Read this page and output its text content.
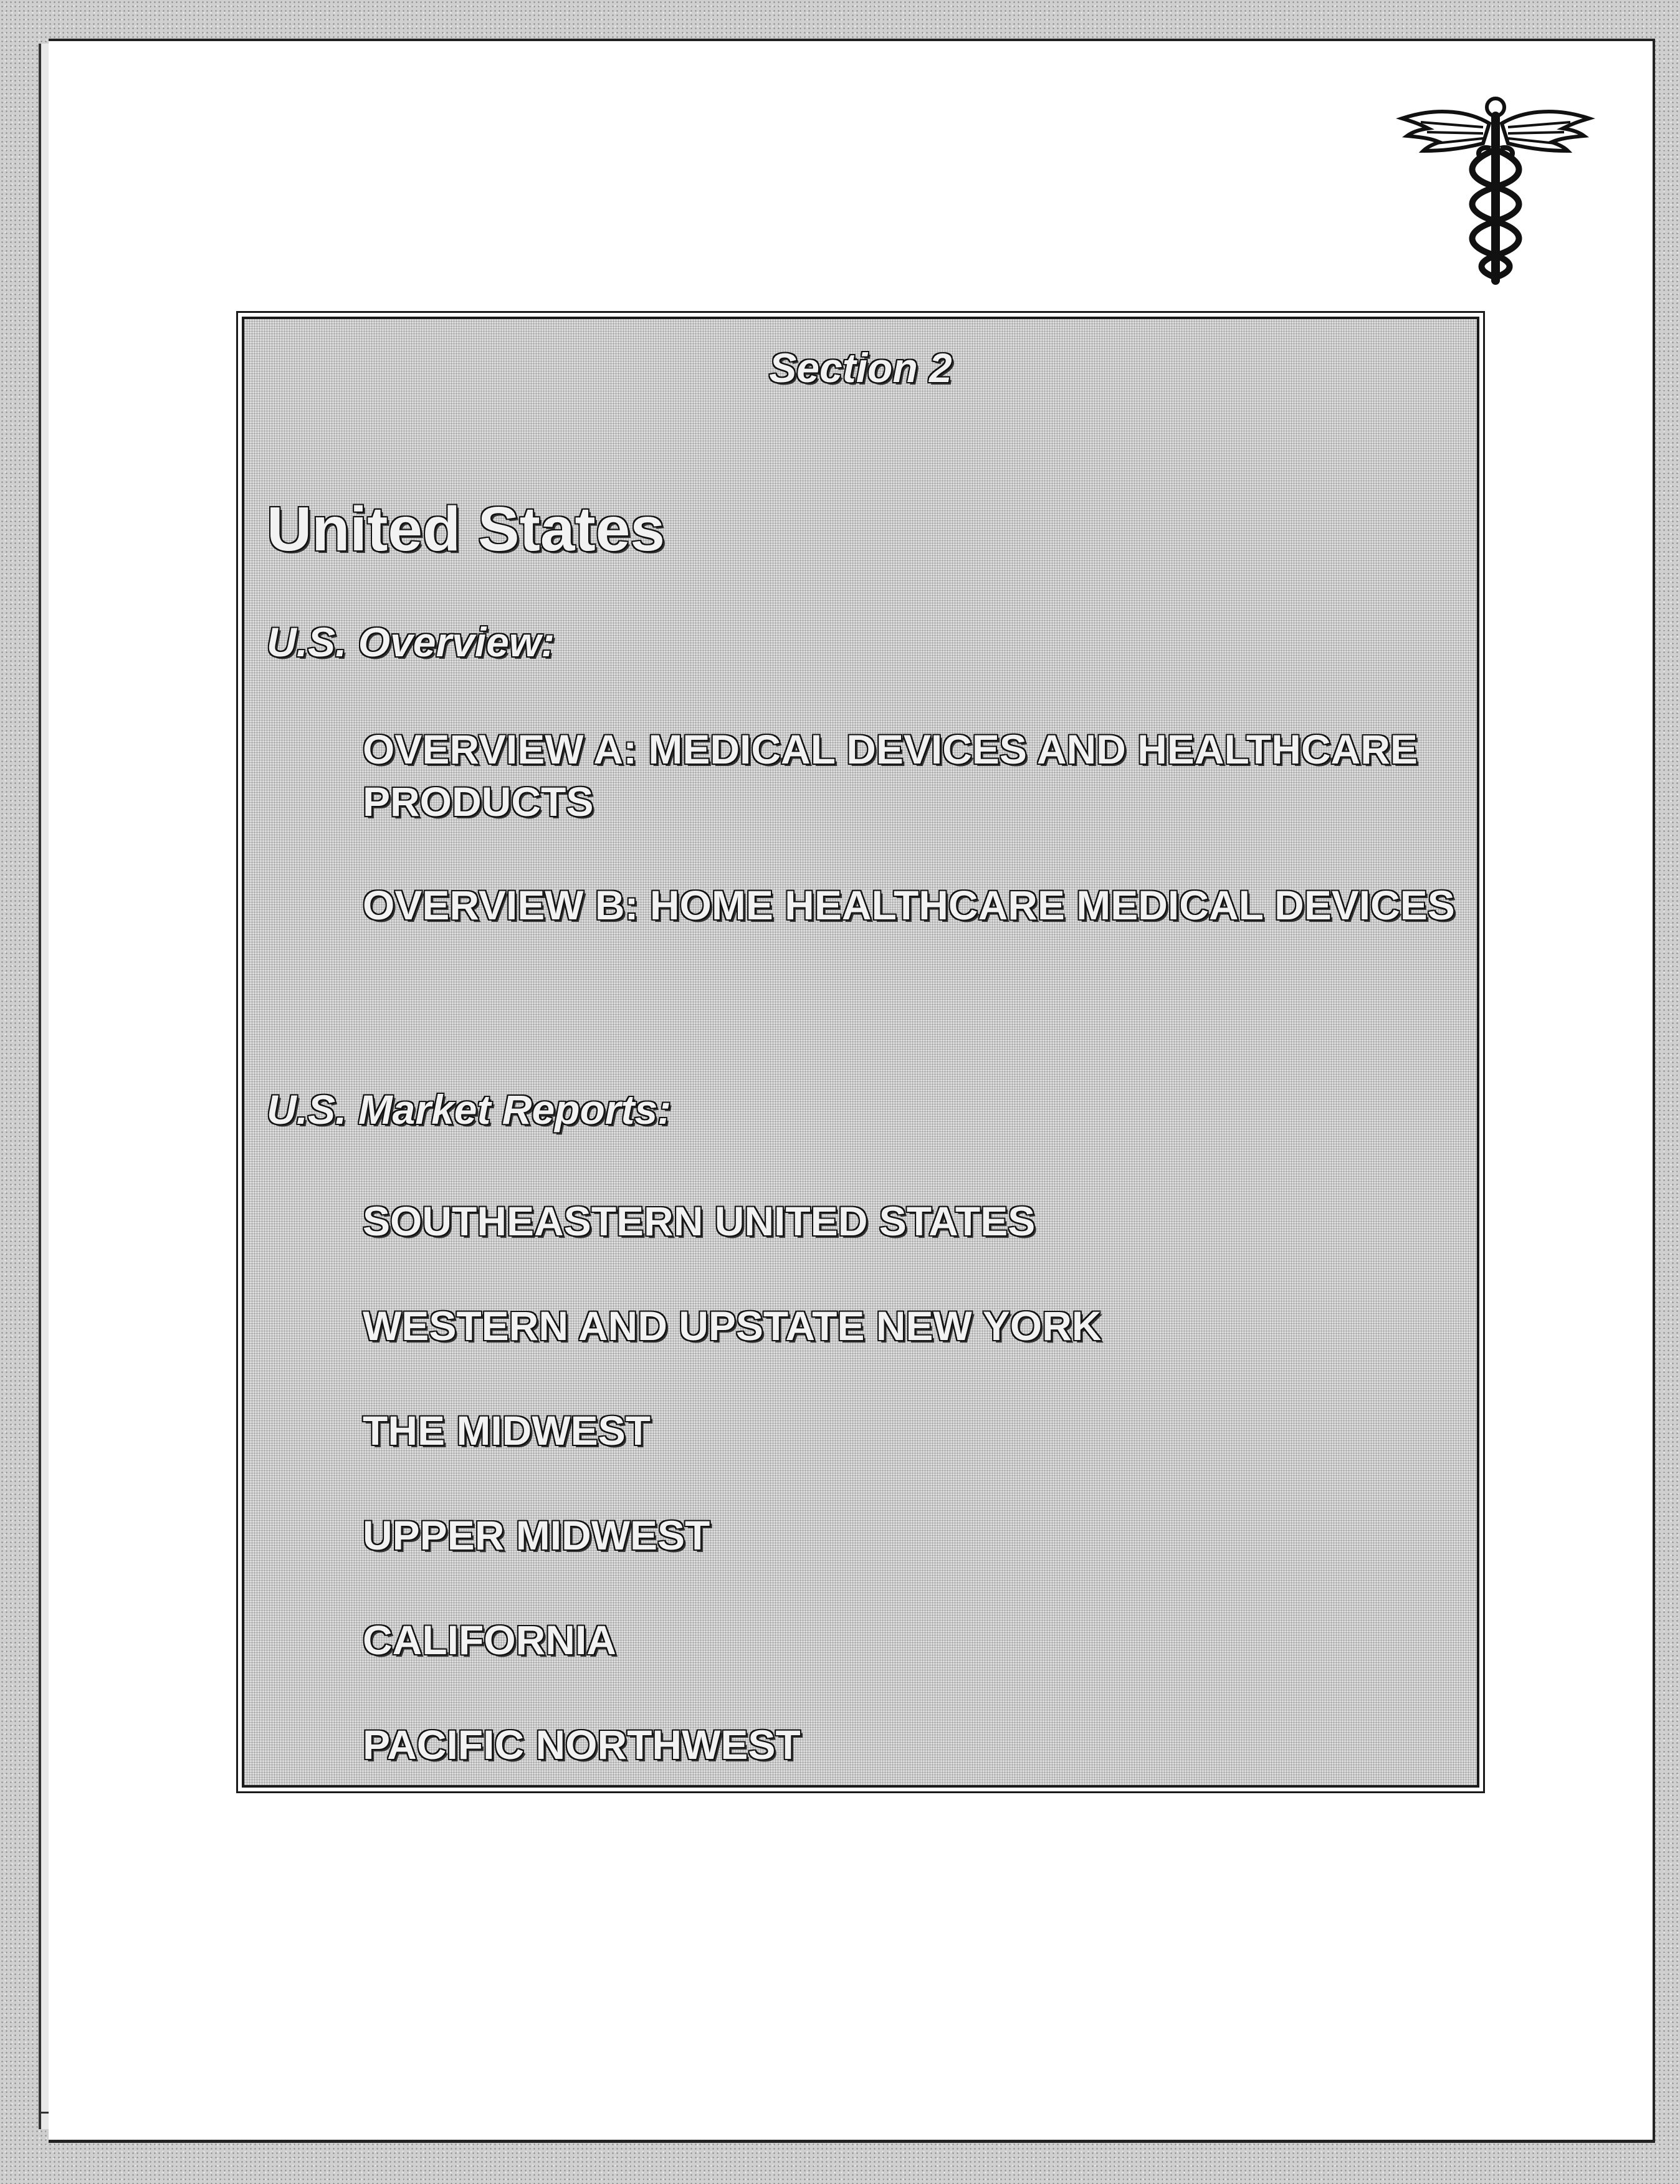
Section 2
United States
U.S. Overview:
OVERVIEW A: MEDICAL DEVICES AND HEALTHCARE PRODUCTS
OVERVIEW B: HOME HEALTHCARE MEDICAL DEVICES
U.S. Market Reports:
SOUTHEASTERN UNITED STATES
WESTERN AND UPSTATE NEW YORK
THE MIDWEST
UPPER MIDWEST
CALIFORNIA
PACIFIC NORTHWEST
